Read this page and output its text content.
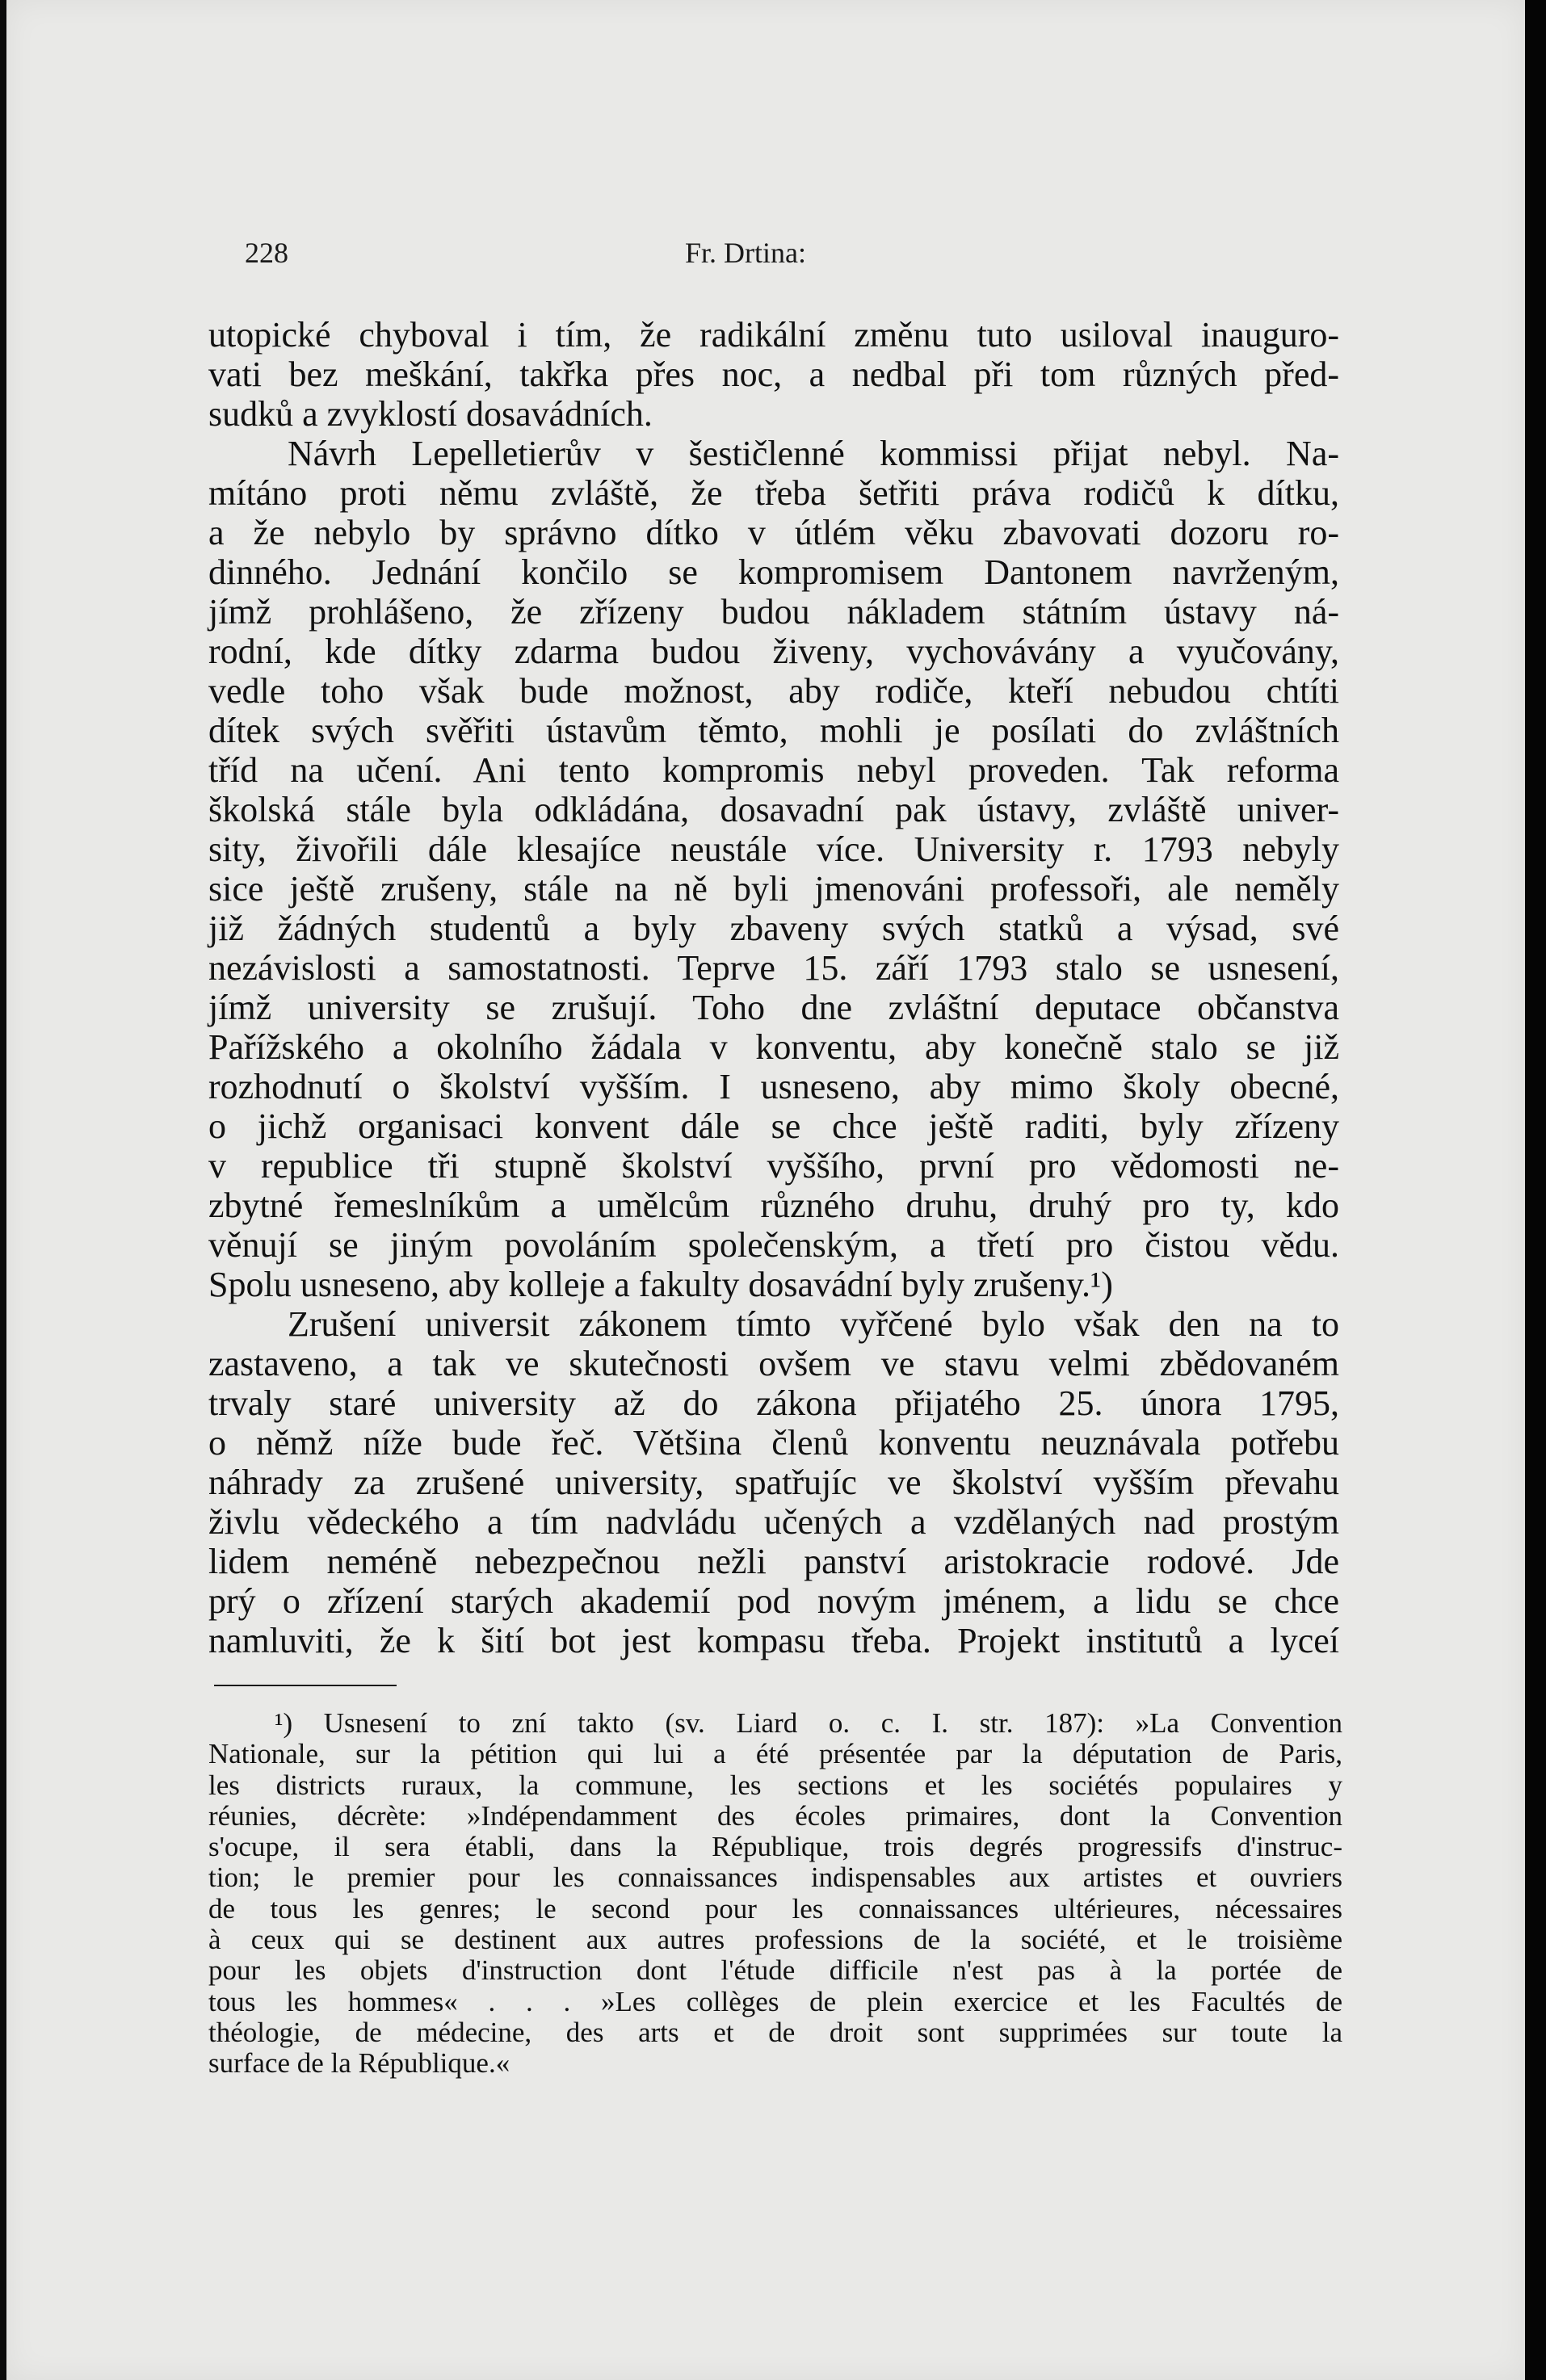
228	Fr. Drtina:
utopické chyboval i tím, že radikální změnu tuto usiloval inauguro-
vati bez meškání, takřka přes noc, a nedbal při tom různých před-
sudků a zvyklostí dosavádních.
Návrh Lepelletierův v šestičlenné kommissi přijat nebyl. Na-
mítáno proti němu zvláště, že třeba šetřiti práva rodičů k dítku,
a že nebylo by správno dítko v útlém věku zbavovati dozoru ro-
dinného. Jednání končilo se kompromisem Dantonem navrženým,
jímž prohlášeno, že zřízeny budou nákladem státním ústavy ná-
rodní, kde dítky zdarma budou živeny, vychovávány a vyučovány,
vedle toho však bude možnost, aby rodiče, kteří nebudou chtíti
dítek svých svěřiti ústavům těmto, mohli je posílati do zvláštních
tříd na učení. Ani tento kompromis nebyl proveden. Tak reforma
školská stále byla odkládána, dosavadní pak ústavy, zvláště univer-
sity, živořili dále klesajíce neustále více. University r. 1793 nebyly
sice ještě zrušeny, stále na ně byli jmenováni professoři, ale neměly
již žádných studentů a byly zbaveny svých statků a výsad, své
nezávislosti a samostatnosti. Teprve 15. září 1793 stalo se usnesení,
jímž university se zrušují. Toho dne zvláštní deputace občanstva
Pařížského a okolního žádala v konventu, aby konečně stalo se již
rozhodnutí o školství vyšším. I usneseno, aby mimo školy obecné,
o jichž organisaci konvent dále se chce ještě raditi, byly zřízeny
v republice tři stupně školství vyššího, první pro vědomosti ne-
zbytné řemeslníkům a umělcům různého druhu, druhý pro ty, kdo
věnují se jiným povoláním společenským, a třetí pro čistou vědu.
Spolu usneseno, aby kolleje a fakulty dosavádní byly zrušeny.¹)
Zrušení universit zákonem tímto vyřčené bylo však den na to
zastaveno, a tak ve skutečnosti ovšem ve stavu velmi zbědovaném
trvaly staré university až do zákona přijatého 25. února 1795,
o němž níže bude řeč. Většina členů konventu neuznávala potřebu
náhrady za zrušené university, spatřujíc ve školství vyšším převahu
živlu vědeckého a tím nadvládu učených a vzdělaných nad prostým
lidem neméně nebezpečnou nežli panství aristokracie rodové. Jde
prý o zřízení starých akademií pod novým jménem, a lidu se chce
namluviti, že k šití bot jest kompasu třeba. Projekt institutů a lyceí
¹) Usnesení to zní takto (sv. Liard o. c. I. str. 187): »La Convention
Nationale, sur la pétition qui lui a été présentée par la députation de Paris,
les districts ruraux, la commune, les sections et les sociétés populaires y
réunies, décrète: »Indépendamment des écoles primaires, dont la Convention
s'ocupe, il sera établi, dans la République, trois degrés progressifs d'instruc-
tion; le premier pour les connaissances indispensables aux artistes et ouvriers
de tous les genres; le second pour les connaissances ultérieures, nécessaires
à ceux qui se destinent aux autres professions de la société, et le troisième
pour les objets d'instruction dont l'étude difficile n'est pas à la portée de
tous les hommes« . . . »Les collèges de plein exercice et les Facultés de
théologie, de médecine, des arts et de droit sont supprimées sur toute la
surface de la République.«
